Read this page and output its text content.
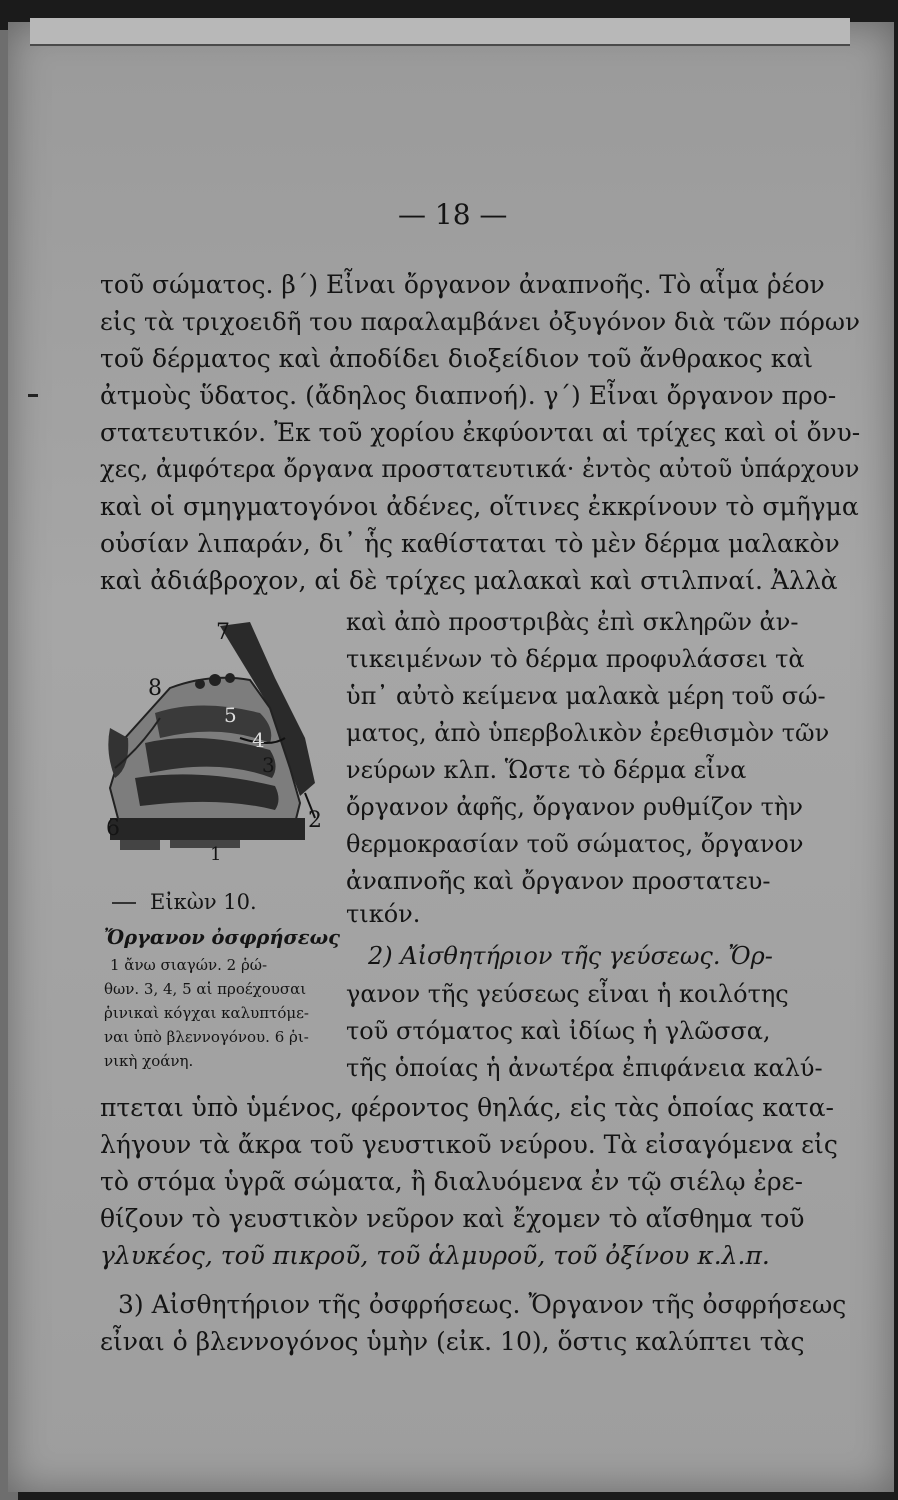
— 18 —
τοῦ σώματος. β΄) Εἶναι ὄργανον ἀναπνοῆς. Τὸ αἷμα ῥέον
εἰς τὰ τριχοειδῆ του παραλαμβάνει ὀξυγόνον διὰ τῶν πόρων
τοῦ δέρματος καὶ ἀποδίδει διοξείδιον τοῦ ἄνθρακος καὶ
ἀτμοὺς ὕδατος. (ἄδηλος διαπνοή). γ΄) Εἶναι ὄργανον προ-
στατευτικόν. Ἐκ τοῦ χορίου ἐκφύονται αἱ τρίχες καὶ οἱ ὄνυ-
χες, ἀμφότερα ὄργανα προστατευτικά· ἐντὸς αὐτοῦ ὑπάρχουν
καὶ οἱ σμηγματογόνοι ἀδένες, οἵτινες ἐκκρίνουν τὸ σμῆγμα
οὐσίαν λιπαράν, δι᾿ ἧς καθίσταται τὸ μὲν δέρμα μαλακὸν
καὶ ἀδιάβροχον, αἱ δὲ τρίχες μαλακαὶ καὶ στιλπναί. Ἀλλὰ
καὶ ἀπὸ προστριβὰς ἐπὶ σκληρῶν ἀν-
τικειμένων τὸ δέρμα προφυλάσσει τὰ
ὑπ᾿ αὐτὸ κείμενα μαλακὰ μέρη τοῦ σώ-
ματος, ἀπὸ ὑπερβολικὸν ἐρεθισμὸν τῶν
νεύρων κλπ. Ὥστε τὸ δέρμα εἶνα
ὄργανον ἀφῆς, ὄργανον ρυθμίζον τὴν
θερμοκρασίαν τοῦ σώματος, ὄργανον
ἀναπνοῆς καὶ ὄργανον προστατευ-
τικόν.
2) Αἰσθητήριον τῆς γεύσεως. Ὄρ-
γανον τῆς γεύσεως εἶναι ἡ κοιλότης
τοῦ στόματος καὶ ἰδίως ἡ γλῶσσα,
τῆς ὁποίας ἡ ἀνωτέρα ἐπιφάνεια καλύ-
7
8
5
4
3
2
6
1
Εἰκὼν 10.
Ὄργανον ὀσφρήσεως
1 ἄνω σιαγών. 2 ῥώ-
θων. 3, 4, 5 αἱ προέχουσαι
ῥινικαὶ κόγχαι καλυπτόμε-
ναι ὑπὸ βλεννογόνου. 6 ῥι-
νικὴ χοάνη.
πτεται ὑπὸ ὑμένος, φέροντος θηλάς, εἰς τὰς ὁποίας κατα-
λήγουν τὰ ἄκρα τοῦ γευστικοῦ νεύρου. Τὰ εἰσαγόμενα εἰς
τὸ στόμα ὑγρᾶ σώματα, ἢ διαλυόμενα ἐν τῷ σιέλῳ ἐρε-
θίζουν τὸ γευστικὸν νεῦρον καὶ ἔχομεν τὸ αἴσθημα τοῦ
γλυκέος, τοῦ πικροῦ, τοῦ ἁλμυροῦ, τοῦ ὀξίνου κ.λ.π.
3) Αἰσθητήριον τῆς ὀσφρήσεως. Ὄργανον τῆς ὀσφρήσεως
εἶναι ὁ βλεννογόνος ὑμὴν (εἰκ. 10), ὅστις καλύπτει τὰς
